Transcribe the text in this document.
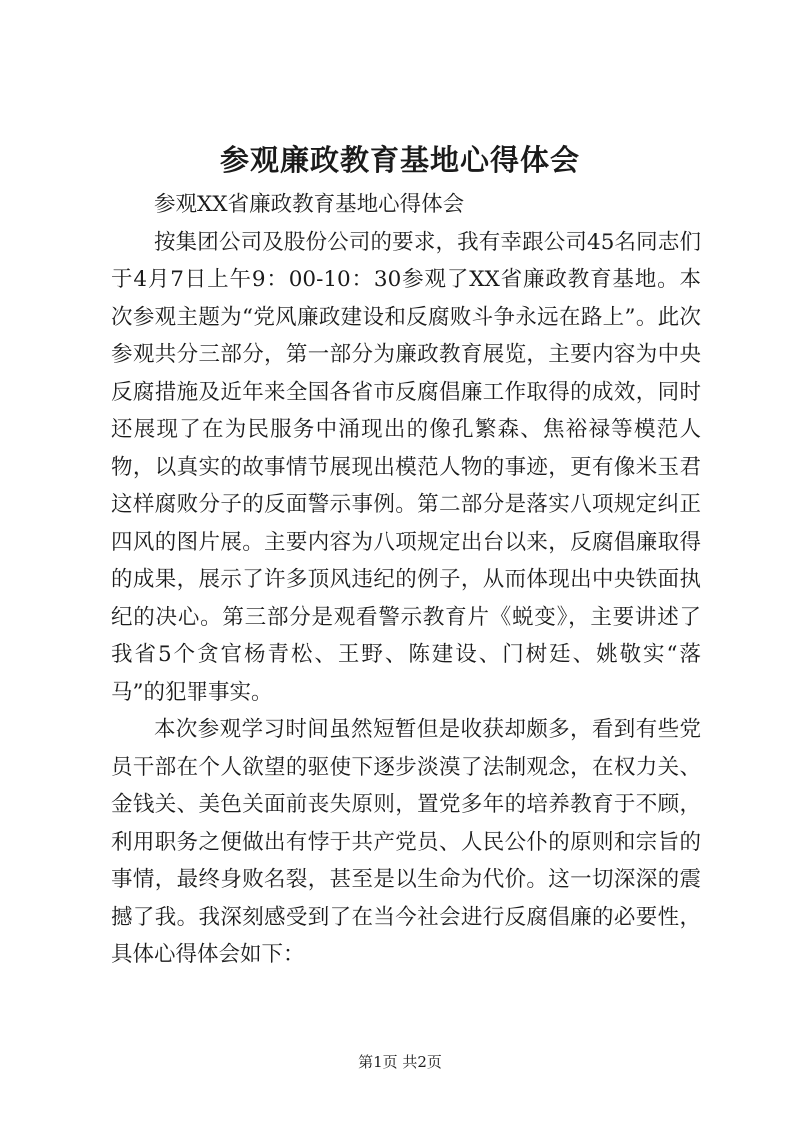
参观廉政教育基地心得体会

参观XX省廉政教育基地心得体会

按集团公司及股份公司的要求，我有幸跟公司45名同志们于4月7日上午9：00-10：30参观了XX省廉政教育基地。本次参观主题为“党风廉政建设和反腐败斗争永远在路上”。此次参观共分三部分，第一部分为廉政教育展览，主要内容为中央反腐措施及近年来全国各省市反腐倡廉工作取得的成效，同时还展现了在为民服务中涌现出的像孔繁森、焦裕禄等模范人物，以真实的故事情节展现出模范人物的事迹，更有像米玉君这样腐败分子的反面警示事例。第二部分是落实八项规定纠正四风的图片展。主要内容为八项规定出台以来，反腐倡廉取得的成果，展示了许多顶风违纪的例子，从而体现出中央铁面执纪的决心。第三部分是观看警示教育片《蜕变》，主要讲述了我省5个贪官杨青松、王野、陈建设、门树廷、姚敬实“落马”的犯罪事实。

本次参观学习时间虽然短暂但是收获却颇多，看到有些党员干部在个人欲望的驱使下逐步淡漠了法制观念，在权力关、金钱关、美色关面前丧失原则，置党多年的培养教育于不顾，利用职务之便做出有悖于共产党员、人民公仆的原则和宗旨的事情，最终身败名裂，甚至是以生命为代价。这一切深深的震撼了我。我深刻感受到了在当今社会进行反腐倡廉的必要性，具体心得体会如下：

第1页 共2页
